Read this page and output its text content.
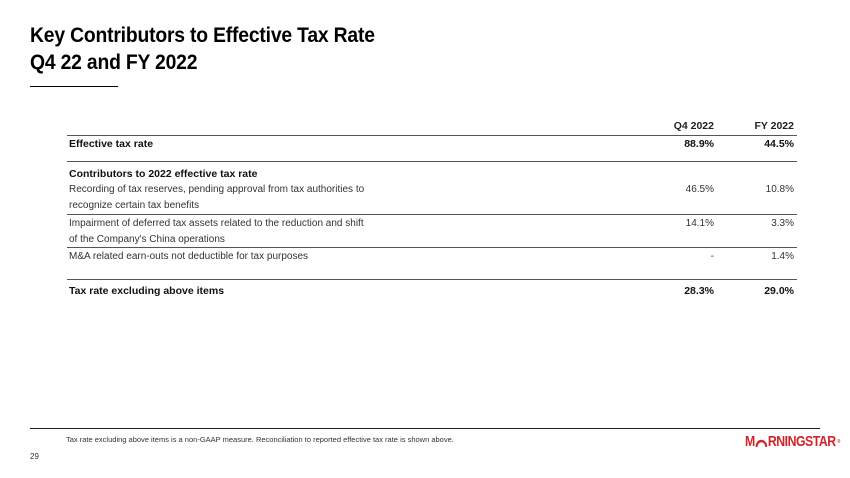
Key Contributors to Effective Tax Rate
Q4 22 and FY 2022
Q4 2022	FY 2022
Effective tax rate	88.9%	44.5%
Contributors to 2022 effective tax rate
Recording of tax reserves, pending approval from tax authorities to
recognize certain tax benefits
46.5%	10.8%
Impairment of deferred tax assets related to the reduction and shift
of the Company's China operations
14.1%	3.3%
M&A related earn-outs not deductible for tax purposes	-	1.4%
Tax rate excluding above items	28.3%	29.0%
Tax rate excluding above items is a non-GAAP measure. Reconciliation to reported effective tax rate is shown above.
29
M RNINGSTAR ®
